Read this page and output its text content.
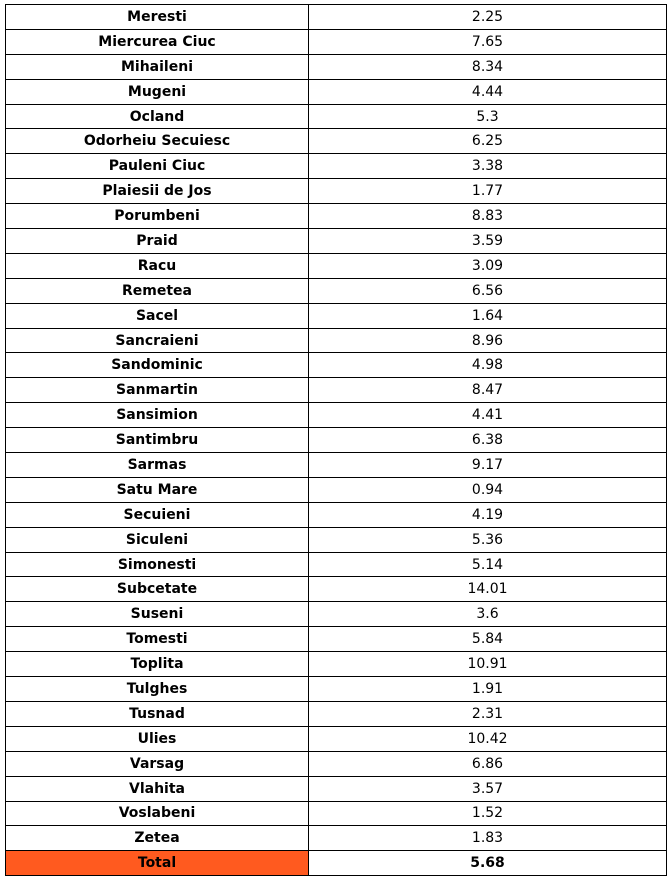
Meresti	2.25
Miercurea Ciuc	7.65
Mihaileni	8.34
Mugeni	4.44
Ocland	5.3
Odorheiu Secuiesc	6.25
Pauleni Ciuc	3.38
Plaiesii de Jos	1.77
Porumbeni	8.83
Praid	3.59
Racu	3.09
Remetea	6.56
Sacel	1.64
Sancraieni	8.96
Sandominic	4.98
Sanmartin	8.47
Sansimion	4.41
Santimbru	6.38
Sarmas	9.17
Satu Mare	0.94
Secuieni	4.19
Siculeni	5.36
Simonesti	5.14
Subcetate	14.01
Suseni	3.6
Tomesti	5.84
Toplita	10.91
Tulghes	1.91
Tusnad	2.31
Ulies	10.42
Varsag	6.86
Vlahita	3.57
Voslabeni	1.52
Zetea	1.83
Total	5.68
